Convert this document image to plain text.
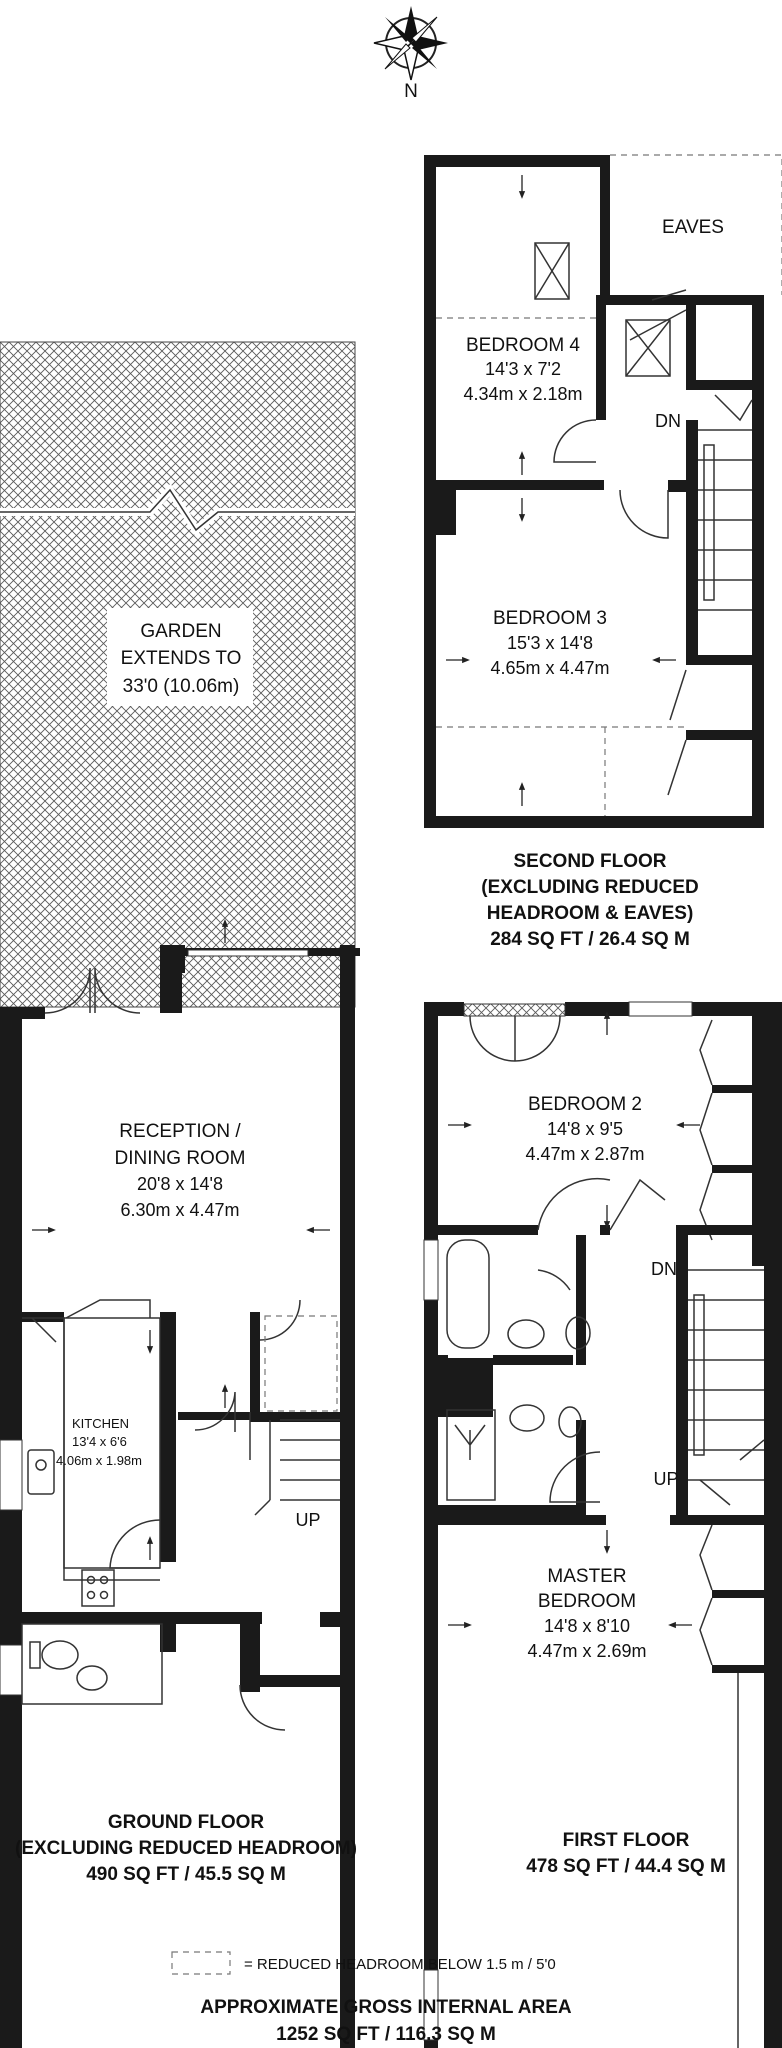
N
GARDEN
EXTENDS TO
33'0 (10.06m)
EAVES
BEDROOM 4
14'3 x 7'2
4.34m x 2.18m
DN
BEDROOM 3
15'3 x 14'8
4.65m x 4.47m
SECOND FLOOR
(EXCLUDING REDUCED
HEADROOM & EAVES)
284 SQ FT / 26.4 SQ M
RECEPTION /
DINING ROOM
20'8 x 14'8
6.30m x 4.47m
KITCHEN
13'4 x 6'6
4.06m x 1.98m
UP
GROUND FLOOR
(EXCLUDING REDUCED HEADROOM)
490 SQ FT / 45.5 SQ M
BEDROOM 2
14'8 x 9'5
4.47m x 2.87m
DN
UP
MASTER
BEDROOM
14'8 x 8'10
4.47m x 2.69m
FIRST FLOOR
478 SQ FT / 44.4 SQ M
= REDUCED HEADROOM BELOW 1.5 m / 5'0
APPROXIMATE GROSS INTERNAL AREA
1252 SQ FT / 116.3 SQ M
